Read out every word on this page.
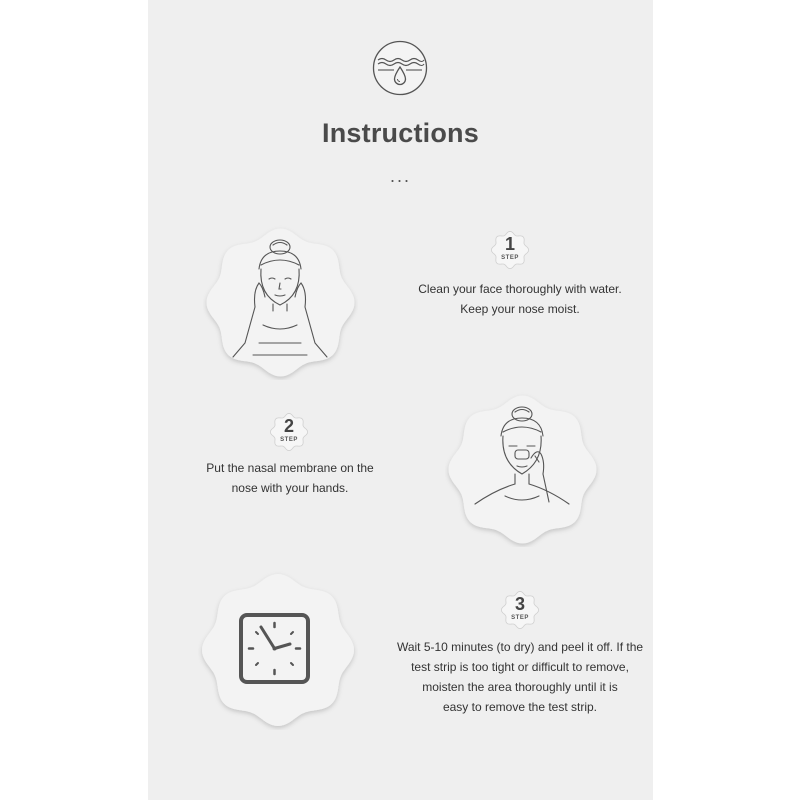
Instructions
...
1
STEP
Clean your face thoroughly with water.
Keep your nose moist.
2
STEP
Put the nasal membrane on the
nose with your hands.
3
STEP
Wait 5-10 minutes (to dry) and peel it off. If the
test strip is too tight or difficult to remove,
moisten the area thoroughly until it is
easy to remove the test strip.
